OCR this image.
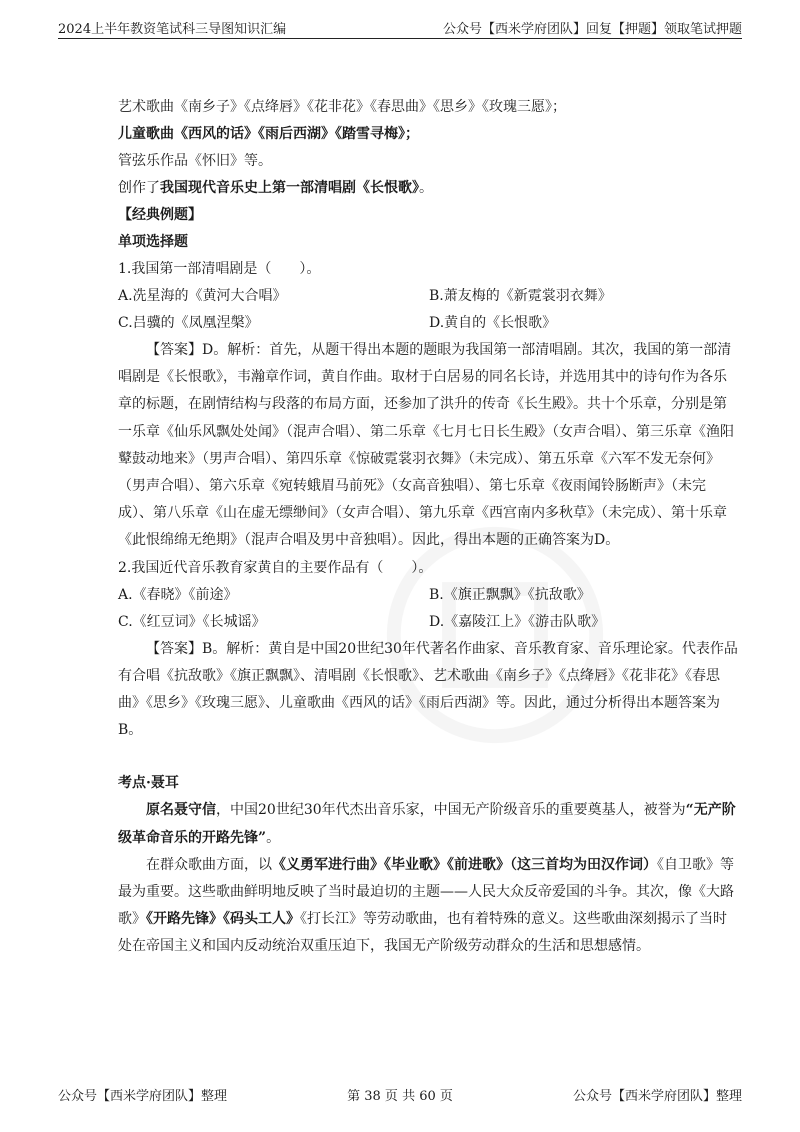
2024上半年教资笔试科三导图知识汇编	公众号【西米学府团队】回复【押题】领取笔试押题

艺术歌曲《南乡子》《点绛唇》《花非花》《春思曲》《思乡》《玫瑰三愿》；

儿童歌曲《西风的话》《雨后西湖》《踏雪寻梅》；

管弦乐作品《怀旧》等。

创作了我国现代音乐史上第一部清唱剧《长恨歌》。

【经典例题】

单项选择题

1.我国第一部清唱剧是（　　）。

A.冼星海的《黄河大合唱》	B.萧友梅的《新霓裳羽衣舞》
C.吕骥的《凤凰涅槃》	D.黄自的《长恨歌》

【答案】D。解析：首先，从题干得出本题的题眼为我国第一部清唱剧。其次，我国的第一部清唱剧是《长恨歌》，韦瀚章作词，黄自作曲。取材于白居易的同名长诗，并选用其中的诗句作为各乐章的标题，在剧情结构与段落的布局方面，还参加了洪升的传奇《长生殿》。共十个乐章，分别是第一乐章《仙乐风飘处处闻》（混声合唱）、第二乐章《七月七日长生殿》（女声合唱）、第三乐章《渔阳鼙鼓动地来》（男声合唱）、第四乐章《惊破霓裳羽衣舞》（未完成）、第五乐章《六军不发无奈何》（男声合唱）、第六乐章《宛转蛾眉马前死》（女高音独唱）、第七乐章《夜雨闻铃肠断声》（未完成）、第八乐章《山在虚无缥缈间》（女声合唱）、第九乐章《西宫南内多秋草》（未完成）、第十乐章《此恨绵绵无绝期》（混声合唱及男中音独唱）。因此，得出本题的正确答案为D。

2.我国近代音乐教育家黄自的主要作品有（　　）。

A.《春晓》《前途》	B.《旗正飘飘》《抗敌歌》
C.《红豆词》《长城谣》	D.《嘉陵江上》《游击队歌》

【答案】B。解析：黄自是中国20世纪30年代著名作曲家、音乐教育家、音乐理论家。代表作品有合唱《抗敌歌》《旗正飘飘》、清唱剧《长恨歌》、艺术歌曲《南乡子》《点绛唇》《花非花》《春思曲》《思乡》《玫瑰三愿》、儿童歌曲《西风的话》《雨后西湖》等。因此，通过分析得出本题答案为B。

考点·聂耳

原名聂守信，中国20世纪30年代杰出音乐家，中国无产阶级音乐的重要奠基人，被誉为“无产阶级革命音乐的开路先锋”。

在群众歌曲方面，以《义勇军进行曲》《毕业歌》《前进歌》（这三首均为田汉作词）《自卫歌》等最为重要。这些歌曲鲜明地反映了当时最迫切的主题——人民大众反帝爱国的斗争。其次，像《大路歌》《开路先锋》《码头工人》《打长江》等劳动歌曲，也有着特殊的意义。这些歌曲深刻揭示了当时处在帝国主义和国内反动统治双重压迫下，我国无产阶级劳动群众的生活和思想感情。

公众号【西米学府团队】整理	第 38 页 共 60 页	公众号【西米学府团队】整理
